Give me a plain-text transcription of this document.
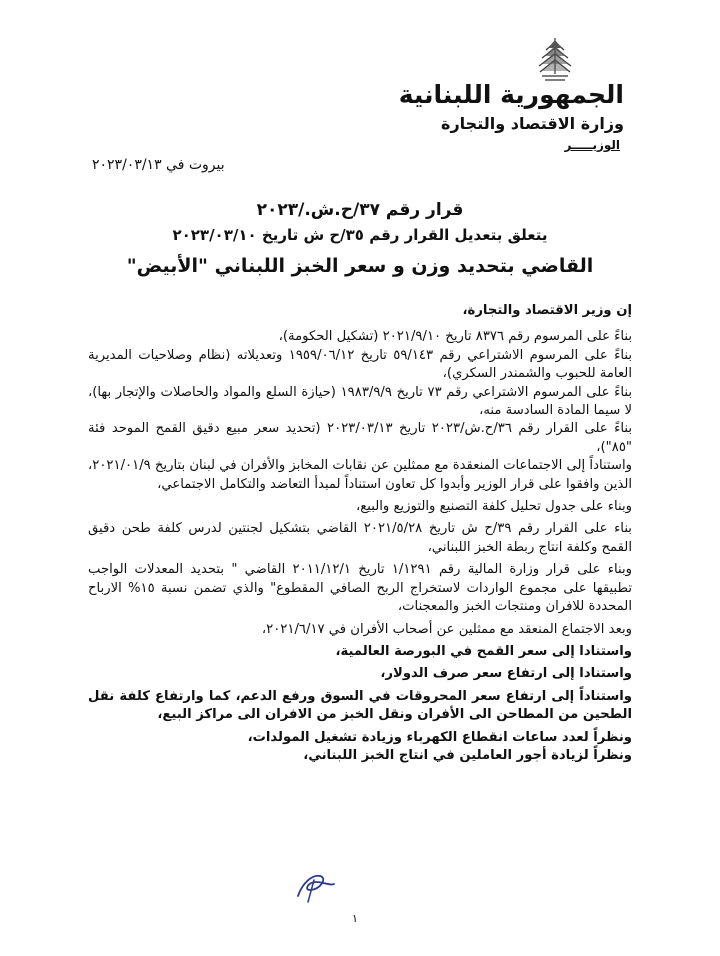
الجمهورية اللبنانية
وزارة الاقتصاد والتجارة
الوزيـــــر
بيروت في ٢٠٢٣/٠٣/١٣
قرار رقم ٣٧/ح.ش./٢٠٢٣
يتعلق بتعديل القرار رقم ٣٥/ح ش تاريخ ٢٠٢٣/٠٣/١٠
القاضي بتحديد وزن و سعر الخبز اللبناني "الأبيض"

إن وزير الاقتصاد والتجارة،

بناءً على المرسوم رقم ٨٣٧٦ تاريخ ٢٠٢١/٩/١٠ (تشكيل الحكومة)،

بناءً على المرسوم الاشتراعي رقم ٥٩/١٤٣ تاريخ ١٩٥٩/٠٦/١٢ وتعديلاته (نظام وصلاحيات المديرية العامة للحبوب والشمندر السكري)،

بناءً على المرسوم الاشتراعي رقم ٧٣ تاريخ ١٩٨٣/٩/٩ (حيازة السلع والمواد والحاصلات والإتجار بها)، لا سيما المادة السادسة منه،

بناءً على القرار رقم ٣٦/ح.ش/٢٠٢٣ تاريخ ٢٠٢٣/٠٣/١٣ (تحديد سعر مبيع دقيق القمح الموحد فئة "٨٥")،

واستناداً إلى الاجتماعات المنعقدة مع ممثلين عن نقابات المخابز والأفران في لبنان بتاريخ ٢٠٢١/٠١/٩، الذين وافقوا على قرار الوزير وأبدوا كل تعاون استناداً لمبدأ التعاضد والتكامل الاجتماعي،

وبناء على جدول تحليل كلفة التصنيع والتوزيع والبيع،

بناء على القرار رقم ٣٩/ح ش تاريخ ٢٠٢١/٥/٢٨ القاضي بتشكيل لجنتين لدرس كلفة طحن دقيق القمح وكلفة انتاج ربطة الخبز اللبناني،

وبناء على قرار وزارة المالية رقم ١/١٢٩١ تاريخ ٢٠١١/١٢/١ القاضي " بتحديد المعدلات الواجب تطبيقها على مجموع الواردات لاستخراج الربح الصافي المقطوع" والذي تضمن نسبة ١٥% الارباح المحددة للافران ومنتجات الخبز والمعجنات،

وبعد الاجتماع المنعقد مع ممثلين عن أصحاب الأفران في ٢٠٢١/٦/١٧،

واستنادا إلى سعر القمح في البورصة العالمية،

واستنادا إلى ارتفاع سعر صرف الدولار،

واستناداً إلى ارتفاع سعر المحروقات في السوق ورفع الدعم، كما وارتفاع كلفة نقل الطحين من المطاحن الى الأفران ونقل الخبز من الافران الى مراكز البيع،

ونظراً لعدد ساعات انقطاع الكهرباء وزيادة تشغيل المولدات،

ونظراً لزيادة أجور العاملين في انتاج الخبز اللبناني،

١
